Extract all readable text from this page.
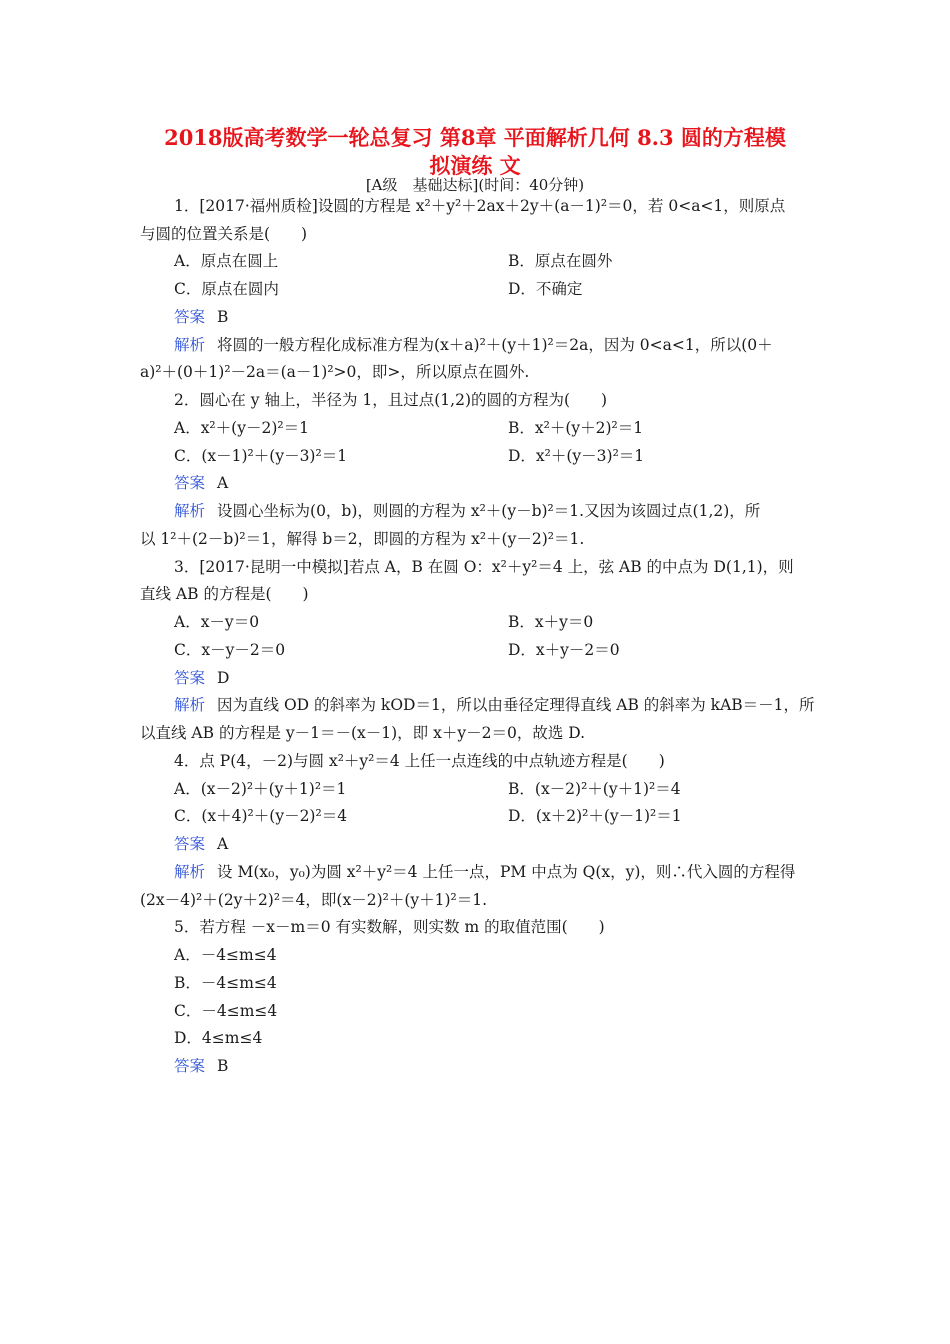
2018版高考数学一轮总复习 第8章 平面解析几何 8.3 圆的方程模
拟演练 文
[A级　基础达标](时间：40分钟)
1．[2017·福州质检]设圆的方程是 x²＋y²＋2ax＋2y＋(a－1)²＝0，若 0<a<1，则原点
与圆的位置关系是(　　)
A．原点在圆上	B．原点在圆外
C．原点在圆内	D．不确定
答案 B
解析 将圆的一般方程化成标准方程为(x＋a)²＋(y＋1)²＝2a，因为 0<a<1，所以(0＋
a)²＋(0＋1)²－2a＝(a－1)²>0，即>，所以原点在圆外.
2．圆心在 y 轴上，半径为 1，且过点(1,2)的圆的方程为(　　)
A．x²＋(y－2)²＝1	B．x²＋(y＋2)²＝1
C．(x－1)²＋(y－3)²＝1	D．x²＋(y－3)²＝1
答案 A
解析 设圆心坐标为(0，b)，则圆的方程为 x²＋(y－b)²＝1.又因为该圆过点(1,2)，所
以 1²＋(2－b)²＝1，解得 b＝2，即圆的方程为 x²＋(y－2)²＝1.
3．[2017·昆明一中模拟]若点 A，B 在圆 O：x²＋y²＝4 上，弦 AB 的中点为 D(1,1)，则
直线 AB 的方程是(　　)
A．x－y＝0	B．x＋y＝0
C．x－y－2＝0	D．x＋y－2＝0
答案 D
解析 因为直线 OD 的斜率为 kOD＝1，所以由垂径定理得直线 AB 的斜率为 kAB＝－1，所
以直线 AB 的方程是 y－1＝－(x－1)，即 x＋y－2＝0，故选 D.
4．点 P(4，－2)与圆 x²＋y²＝4 上任一点连线的中点轨迹方程是(　　)
A．(x－2)²＋(y＋1)²＝1	B．(x－2)²＋(y＋1)²＝4
C．(x＋4)²＋(y－2)²＝4	D．(x＋2)²＋(y－1)²＝1
答案 A
解析 设 M(x₀，y₀)为圆 x²＋y²＝4 上任一点，PM 中点为 Q(x，y)，则∴代入圆的方程得
(2x－4)²＋(2y＋2)²＝4，即(x－2)²＋(y＋1)²＝1.
5．若方程 －x－m＝0 有实数解，则实数 m 的取值范围(　　)
A．－4≤m≤4
B．－4≤m≤4
C．－4≤m≤4
D．4≤m≤4
答案 B
